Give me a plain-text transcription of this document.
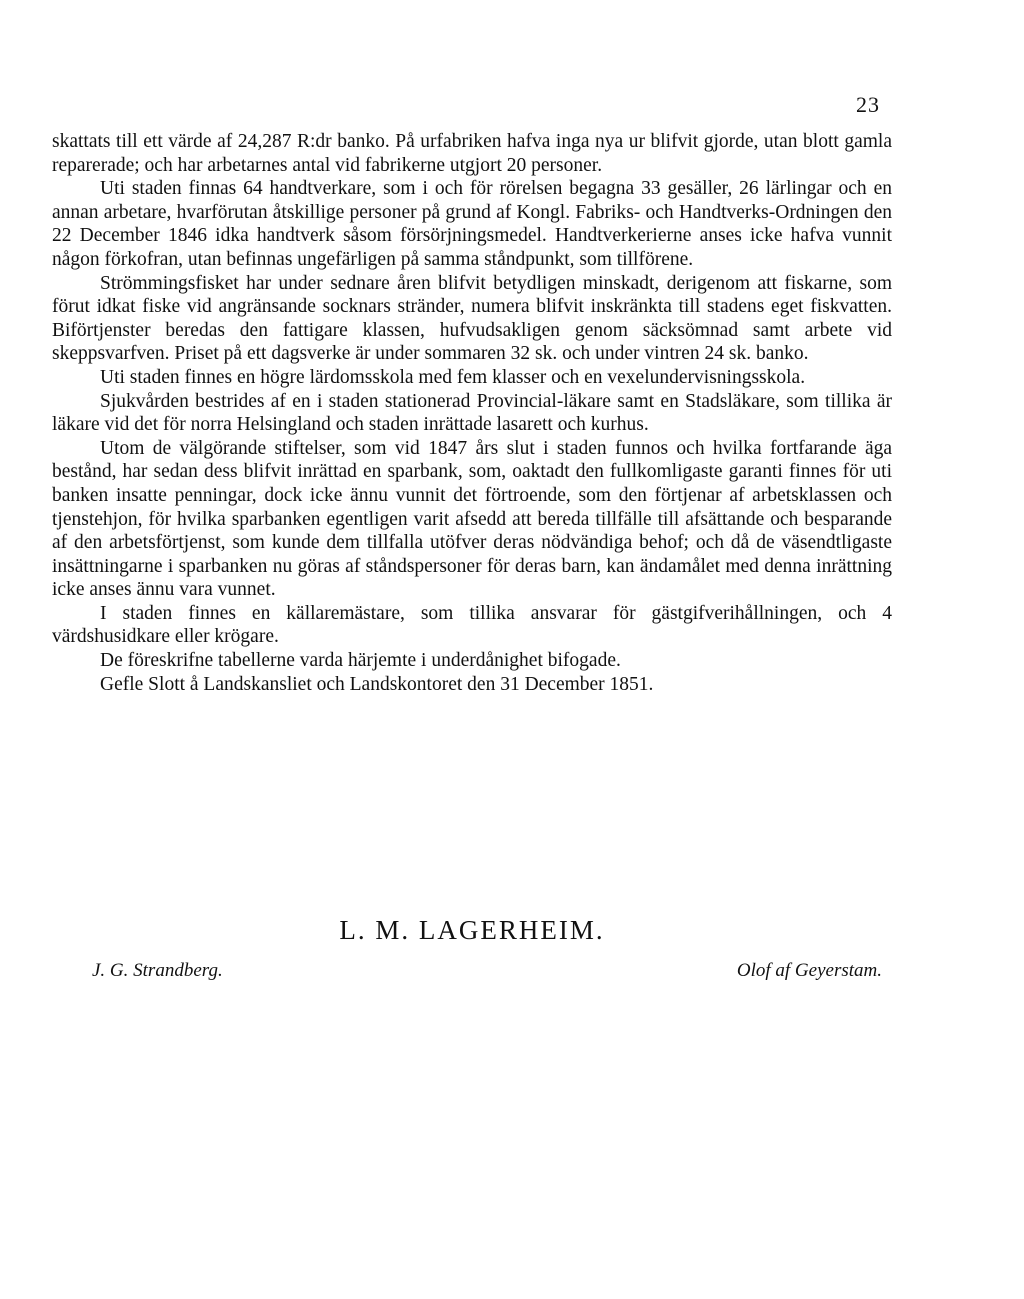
23

skattats till ett värde af 24,287 R:dr banko. På urfabriken hafva inga nya ur blifvit gjorde, utan blott gamla reparerade; och har arbetarnes antal vid fabrikerne utgjort 20 personer.

Uti staden finnas 64 handtverkare, som i och för rörelsen begagna 33 gesäller, 26 lärlingar och en annan arbetare, hvarförutan åtskillige personer på grund af Kongl. Fabriks- och Handtverks-Ordningen den 22 December 1846 idka handtverk såsom försörjningsmedel. Handtverkerierne anses icke hafva vunnit någon förkofran, utan befinnas ungefärligen på samma ståndpunkt, som tillförene.

Strömmingsfisket har under sednare åren blifvit betydligen minskadt, derigenom att fiskarne, som förut idkat fiske vid angränsande socknars stränder, numera blifvit inskränkta till stadens eget fiskvatten. Biförtjenster beredas den fattigare klassen, hufvudsakligen genom säcksömnad samt arbete vid skeppsvarfven. Priset på ett dagsverke är under sommaren 32 sk. och under vintren 24 sk. banko.

Uti staden finnes en högre lärdomsskola med fem klasser och en vexelundervisningsskola.

Sjukvården bestrides af en i staden stationerad Provincial-läkare samt en Stadsläkare, som tillika är läkare vid det för norra Helsingland och staden inrättade lasarett och kurhus.

Utom de välgörande stiftelser, som vid 1847 års slut i staden funnos och hvilka fortfarande äga bestånd, har sedan dess blifvit inrättad en sparbank, som, oaktadt den fullkomligaste garanti finnes för uti banken insatte penningar, dock icke ännu vunnit det förtroende, som den förtjenar af arbetsklassen och tjenstehjon, för hvilka sparbanken egentligen varit afsedd att bereda tillfälle till afsättande och besparande af den arbetsförtjenst, som kunde dem tillfalla utöfver deras nödvändiga behof; och då de väsendtligaste insättningarne i sparbanken nu göras af ståndspersoner för deras barn, kan ändamålet med denna inrättning icke anses ännu vara vunnet.

I staden finnes en källaremästare, som tillika ansvarar för gästgifverihållningen, och 4 värdshusidkare eller krögare.

De föreskrifne tabellerne varda härjemte i underdånighet bifogade.

Gefle Slott å Landskansliet och Landskontoret den 31 December 1851.

L. M. LAGERHEIM.
J. G. Strandberg.	Olof af Geyerstam.
